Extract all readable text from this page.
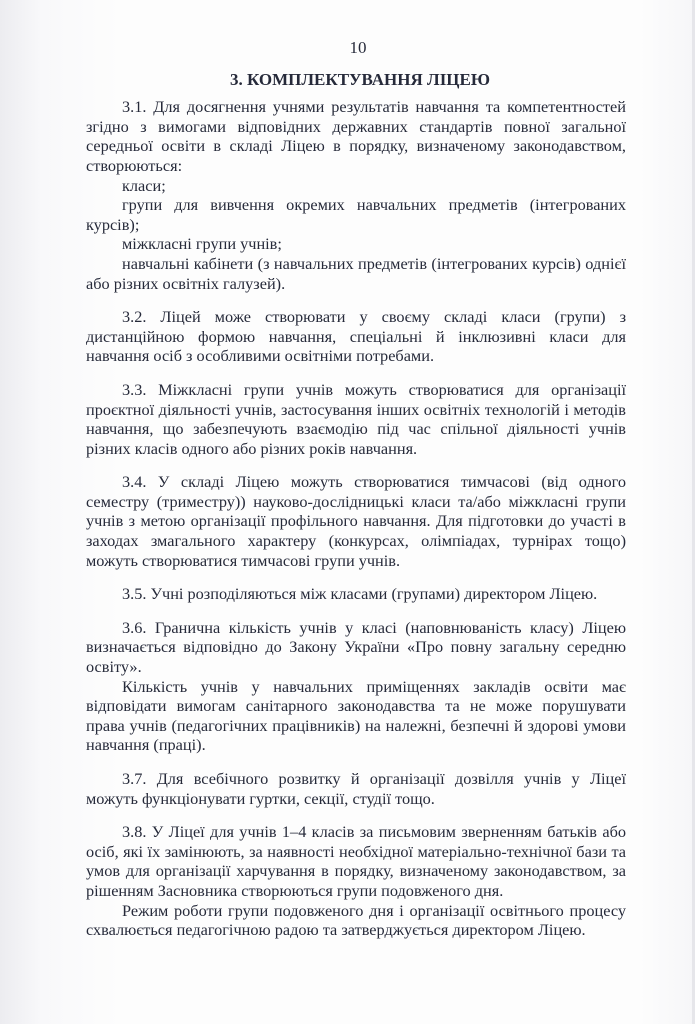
10
3. КОМПЛЕКТУВАННЯ ЛІЦЕЮ

3.1. Для досягнення учнями результатів навчання та компетентностей згідно з вимогами відповідних державних стандартів повної загальної середньої освіти в складі Ліцею в порядку, визначеному законодавством, створюються:

класи;

групи для вивчення окремих навчальних предметів (інтегрованих курсів);

міжкласні групи учнів;

навчальні кабінети (з навчальних предметів (інтегрованих курсів) однієї або різних освітніх галузей).

3.2. Ліцей може створювати у своєму складі класи (групи) з дистанційною формою навчання, спеціальні й інклюзивні класи для навчання осіб з особливими освітніми потребами.

3.3. Міжкласні групи учнів можуть створюватися для організації проєктної діяльності учнів, застосування інших освітніх технологій і методів навчання, що забезпечують взаємодію під час спільної діяльності учнів різних класів одного або різних років навчання.

3.4. У складі Ліцею можуть створюватися тимчасові (від одного семестру (триместру)) науково-дослідницькі класи та/або міжкласні групи учнів з метою організації профільного навчання. Для підготовки до участі в заходах змагального характеру (конкурсах, олімпіадах, турнірах тощо) можуть створюватися тимчасові групи учнів.

3.5. Учні розподіляються між класами (групами) директором Ліцею.

3.6. Гранична кількість учнів у класі (наповнюваність класу) Ліцею визначається відповідно до Закону України «Про повну загальну середню освіту».

Кількість учнів у навчальних приміщеннях закладів освіти має відповідати вимогам санітарного законодавства та не може порушувати права учнів (педагогічних працівників) на належні, безпечні й здорові умови навчання (праці).

3.7. Для всебічного розвитку й організації дозвілля учнів у Ліцеї можуть функціонувати гуртки, секції, студії тощо.

3.8. У Ліцеї для учнів 1–4 класів за письмовим зверненням батьків або осіб, які їх замінюють, за наявності необхідної матеріально-технічної бази та умов для організації харчування в порядку, визначеному законодавством, за рішенням Засновника створюються групи подовженого дня.

Режим роботи групи подовженого дня і організації освітнього процесу схвалюється педагогічною радою та затверджується директором Ліцею.
